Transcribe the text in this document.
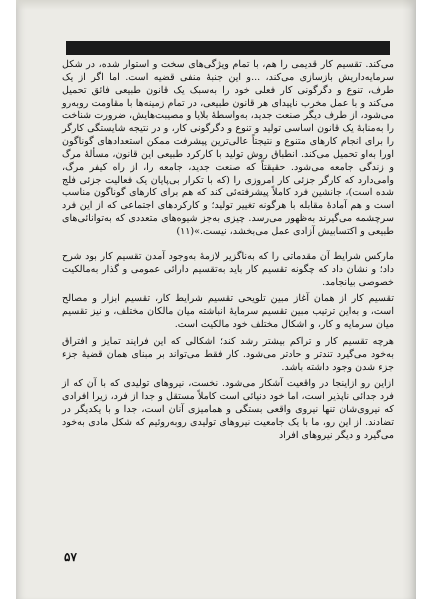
می‌کند. تقسیم کار قدیمی را هم، با تمام ویژگی‌های سخت و استوار شده، در شکل سرمایه‌داریش بازسازی می‌کند، ...و این جنبهٔ منفی قضیه است. اما اگر از یک طرف، تنوع و دگرگونی کار فعلی خود را به‌سبک یک قانون طبیعی فائق تحمیل می‌کند و با عمل مخرب ناپیدای هر قانون طبیعی، در تمام زمینه‌ها با مقاومت روبه‌رو می‌شود، از طرف دیگر صنعت جدید، به‌واسطهٔ بلایا و مصیبت‌هایش، ضرورت شناخت را به‌منابهٔ یک قانون اساسی تولید و تنوع و دگرگونی کار، و در نتیجه شایستگی کارگر را برای انجام کارهای متنوع و نتیجتاً عالی‌ترین پیشرفت ممکن استعدادهای گوناگون اورا به‌او تحمیل می‌کند. انطباق روش تولید با کارکرد طبیعی این قانون، مسألهٔ مرگ و زندگی جامعه می‌شود. حقیقتاً که صنعت جدید، جامعه را، از راه کیفر مرگ، وامی‌دارد که کارگر جزئی کار امروزی را (که با تکرار بی‌پایان یک فعالیت جزئی فلج شده است)، جانشین فرد کاملاً پیشرفته‌ئی کند که هم برای کارهای گوناگون مناسب است و هم آمادهٔ مقابله با هرگونه تغییر تولید؛ و کارکردهای اجتماعی که از این فرد سرچشمه می‌گیرند به‌ظهور می‌رسد. چیزی به‌جز شیوه‌های متعددی که به‌توانائی‌های طبیعی و اکتسابیش آزادی عمل می‌بخشد، نیست.»(۱۱)

مارکس شرایط آن مقدماتی را که به‌ناگزیر لازمهٔ به‌وجود آمدن تقسیم کار بود شرح داد؛ و نشان داد که چگونه تقسیم کار باید به‌تقسیم دارائی عمومی و گذار به‌مالکیت خصوصی بیانجامد.

تقسیم کار از همان آغاز مبین تلویحی تقسیم شرایط کار، تقسیم ابزار و مصالح است، و به‌این ترتیب مبین تقسیم سرمایهٔ انباشته میان مالکان مختلف، و نیز تقسیم میان سرمایه و کار، و اشکال مختلف خود مالکیت است.

هرچه تقسیم کار و تراکم بیشتر رشد کند؛ اشکالی که این فرایند تمایز و افتراق به‌خود می‌گیرد تندتر و حادتر می‌شود. کار فقط می‌تواند بر مبنای همان قضیهٔ جزء جزء شدن وجود داشته باشد.

ازاین رو ازاینجا در واقعیت آشکار می‌شود. نخست، نیروهای تولیدی که با آن که از فرد جدائی ناپذیر است، اما خود دنیائی است کاملاً مستقل و جدا از فرد، زیرا افرادی که نیروی‌شان تنها نیروی واقعی بستگی و همامیزی آنان است، جدا و با یکدیگر در تضادند. از این رو، ما با یک جامعیت نیروهای تولیدی روبه‌روئیم که شکل مادی به‌خود می‌گیرد و دیگر نیروهای افراد

۵۷
